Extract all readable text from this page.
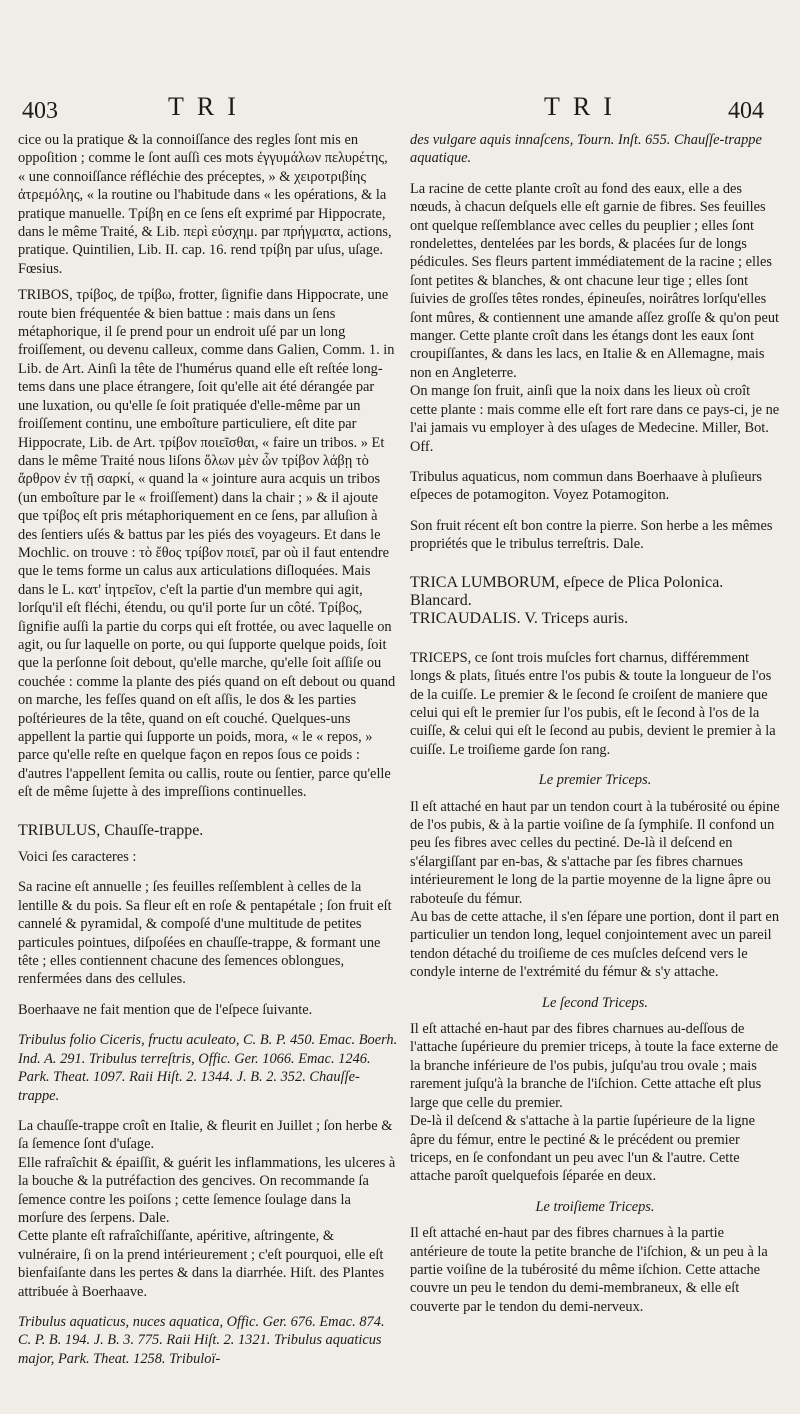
403	TRI	TRI	404

cice ou la pratique & la connoiſſance des regles ſont mis en oppoſition ; comme le ſont auſſi ces mots ἐγγυμάλων πελυρέτης, « une connoiſſance réfléchie des préceptes, » & χειροτριβίης ἀτρεμόλης, « la routine ou l'habitude dans « les opérations, & la pratique manuelle. Τρίβη en ce ſens eſt exprimé par Hippocrate, dans le même Traité, & Lib. περὶ εὐσχημ. par πρήγματα, actions, pratique. Quintilien, Lib. II. cap. 16. rend τρίβη par uſus, uſage. Fœsius.

TRIBOS, τρίβος, de τρίβω, frotter, ſignifie dans Hippocrate, une route bien fréquentée & bien battue : mais dans un ſens métaphorique, il ſe prend pour un endroit uſé par un long froiſſement, ou devenu calleux, comme dans Galien, Comm. 1. in Lib. de Art. Ainſi la tête de l'humérus quand elle eſt reſtée long-tems dans une place étrangere, ſoit qu'elle ait été dérangée par une luxation, ou qu'elle ſe ſoit pratiquée d'elle-même par un froiſſement continu, une emboîture particuliere, eſt dite par Hippocrate, Lib. de Art. τρίβον ποιεῖσθαι, « faire un tribos. » Et dans le même Traité nous liſons ὅλων μὲν ὧν τρίβον λάβῃ τὸ ἄρθρον ἐν τῇ σαρκί, « quand la « jointure aura acquis un tribos (un emboîture par le « froiſſement) dans la chair ; » & il ajoute que τρίβος eſt pris métaphoriquement en ce ſens, par alluſion à des ſentiers uſés & battus par les piés des voyageurs. Et dans le Mochlic. on trouve : τὸ ἔθος τρίβον ποιεῖ, par où il faut entendre que le tems forme un calus aux articulations diſloquées. Mais dans le L. κατ' ἰητρεῖον, c'eſt la partie d'un membre qui agit, lorſqu'il eſt fléchi, étendu, ou qu'il porte ſur un côté. Τρίβος, ſignifie auſſi la partie du corps qui eſt frottée, ou avec laquelle on agit, ou ſur laquelle on porte, ou qui ſupporte quelque poids, ſoit que la perſonne ſoit debout, qu'elle marche, qu'elle ſoit aſſiſe ou couchée : comme la plante des piés quand on eſt debout ou quand on marche, les feſſes quand on eſt aſſis, le dos & les parties poſtérieures de la tête, quand on eſt couché. Quelques-uns appellent la partie qui ſupporte un poids, mora, « le « repos, » parce qu'elle reſte en quelque façon en repos ſous ce poids : d'autres l'appellent ſemita ou callis, route ou ſentier, parce qu'elle eſt de même ſujette à des impreſſions continuelles.

TRIBULUS, Chauſſe-trappe.

Voici ſes caracteres :

Sa racine eſt annuelle ; ſes feuilles reſſemblent à celles de la lentille & du pois. Sa fleur eſt en roſe & pentapétale ; ſon fruit eſt cannelé & pyramidal, & compoſé d'une multitude de petites particules pointues, diſpoſées en chauſſe-trappe, & formant une tête ; elles contiennent chacune des ſemences oblongues, renfermées dans des cellules.

Boerhaave ne fait mention que de l'eſpece ſuivante.

Tribulus folio Ciceris, fructu aculeato, C. B. P. 450. Emac. Boerh. Ind. A. 291. Tribulus terreſtris, Offic. Ger. 1066. Emac. 1246. Park. Theat. 1097. Raii Hiſt. 2. 1344. J. B. 2. 352. Chauſſe-trappe.

La chauſſe-trappe croît en Italie, & fleurit en Juillet ; ſon herbe & ſa ſemence ſont d'uſage.

Elle rafraîchit & épaiſſit, & guérit les inflammations, les ulceres à la bouche & la putréfaction des gencives. On recommande ſa ſemence contre les poiſons ; cette ſemence ſoulage dans la morſure des ſerpens. Dale.

Cette plante eſt rafraîchiſſante, apéritive, aſtringente, & vulnéraire, ſi on la prend intérieurement ; c'eſt pourquoi, elle eſt bienfaiſante dans les pertes & dans la diarrhée. Hiſt. des Plantes attribuée à Boerhaave.

Tribulus aquaticus, nuces aquatica, Offic. Ger. 676. Emac. 874. C. P. B. 194. J. B. 3. 775. Raii Hiſt. 2. 1321. Tribulus aquaticus major, Park. Theat. 1258. Tribuloï-

des vulgare aquis innaſcens, Tourn. Inſt. 655. Chauſſe-trappe aquatique.

La racine de cette plante croît au fond des eaux, elle a des nœuds, à chacun deſquels elle eſt garnie de fibres. Ses feuilles ont quelque reſſemblance avec celles du peuplier ; elles ſont rondelettes, dentelées par les bords, & placées ſur de longs pédicules. Ses fleurs partent immédiatement de la racine ; elles ſont petites & blanches, & ont chacune leur tige ; elles ſont ſuivies de groſſes têtes rondes, épineuſes, noirâtres lorſqu'elles ſont mûres, & contiennent une amande aſſez groſſe & qu'on peut manger. Cette plante croît dans les étangs dont les eaux ſont croupiſſantes, & dans les lacs, en Italie & en Allemagne, mais non en Angleterre.

On mange ſon fruit, ainſi que la noix dans les lieux où croît cette plante : mais comme elle eſt fort rare dans ce pays-ci, je ne l'ai jamais vu employer à des uſages de Medecine. Miller, Bot. Off.

Tribulus aquaticus, nom commun dans Boerhaave à pluſieurs eſpeces de potamogiton. Voyez Potamogiton.

Son fruit récent eſt bon contre la pierre. Son herbe a les mêmes propriétés que le tribulus terreſtris. Dale.

TRICA LUMBORUM, eſpece de Plica Polonica. Blancard.

TRICAUDALIS. V. Triceps auris.

TRICEPS, ce ſont trois muſcles fort charnus, différemment longs & plats, ſitués entre l'os pubis & toute la longueur de l'os de la cuiſſe. Le premier & le ſecond ſe croiſent de maniere que celui qui eſt le premier ſur l'os pubis, eſt le ſecond à l'os de la cuiſſe, & celui qui eſt le ſecond au pubis, devient le premier à la cuiſſe. Le troiſieme garde ſon rang.

Le premier Triceps.

Il eſt attaché en haut par un tendon court à la tubérosité ou épine de l'os pubis, & à la partie voiſine de ſa ſymphiſe. Il confond un peu ſes fibres avec celles du pectiné. De-là il deſcend en s'élargiſſant par en-bas, & s'attache par ſes fibres charnues intérieurement le long de la partie moyenne de la ligne âpre ou raboteuſe du fémur.

Au bas de cette attache, il s'en ſépare une portion, dont il part en particulier un tendon long, lequel conjointement avec un pareil tendon détaché du troiſieme de ces muſcles deſcend vers le condyle interne de l'extrémité du fémur & s'y attache.

Le ſecond Triceps.

Il eſt attaché en-haut par des fibres charnues au-deſſous de l'attache ſupérieure du premier triceps, à toute la face externe de la branche inférieure de l'os pubis, juſqu'au trou ovale ; mais rarement juſqu'à la branche de l'iſchion. Cette attache eſt plus large que celle du premier.

De-là il deſcend & s'attache à la partie ſupérieure de la ligne âpre du fémur, entre le pectiné & le précédent ou premier triceps, en ſe confondant un peu avec l'un & l'autre. Cette attache paroît quelquefois ſéparée en deux.

Le troiſieme Triceps.

Il eſt attaché en-haut par des fibres charnues à la partie antérieure de toute la petite branche de l'iſchion, & un peu à la partie voiſine de la tubérosité du même iſchion. Cette attache couvre un peu le tendon du demi-membraneux, & elle eſt couverte par le tendon du demi-nerveux.
